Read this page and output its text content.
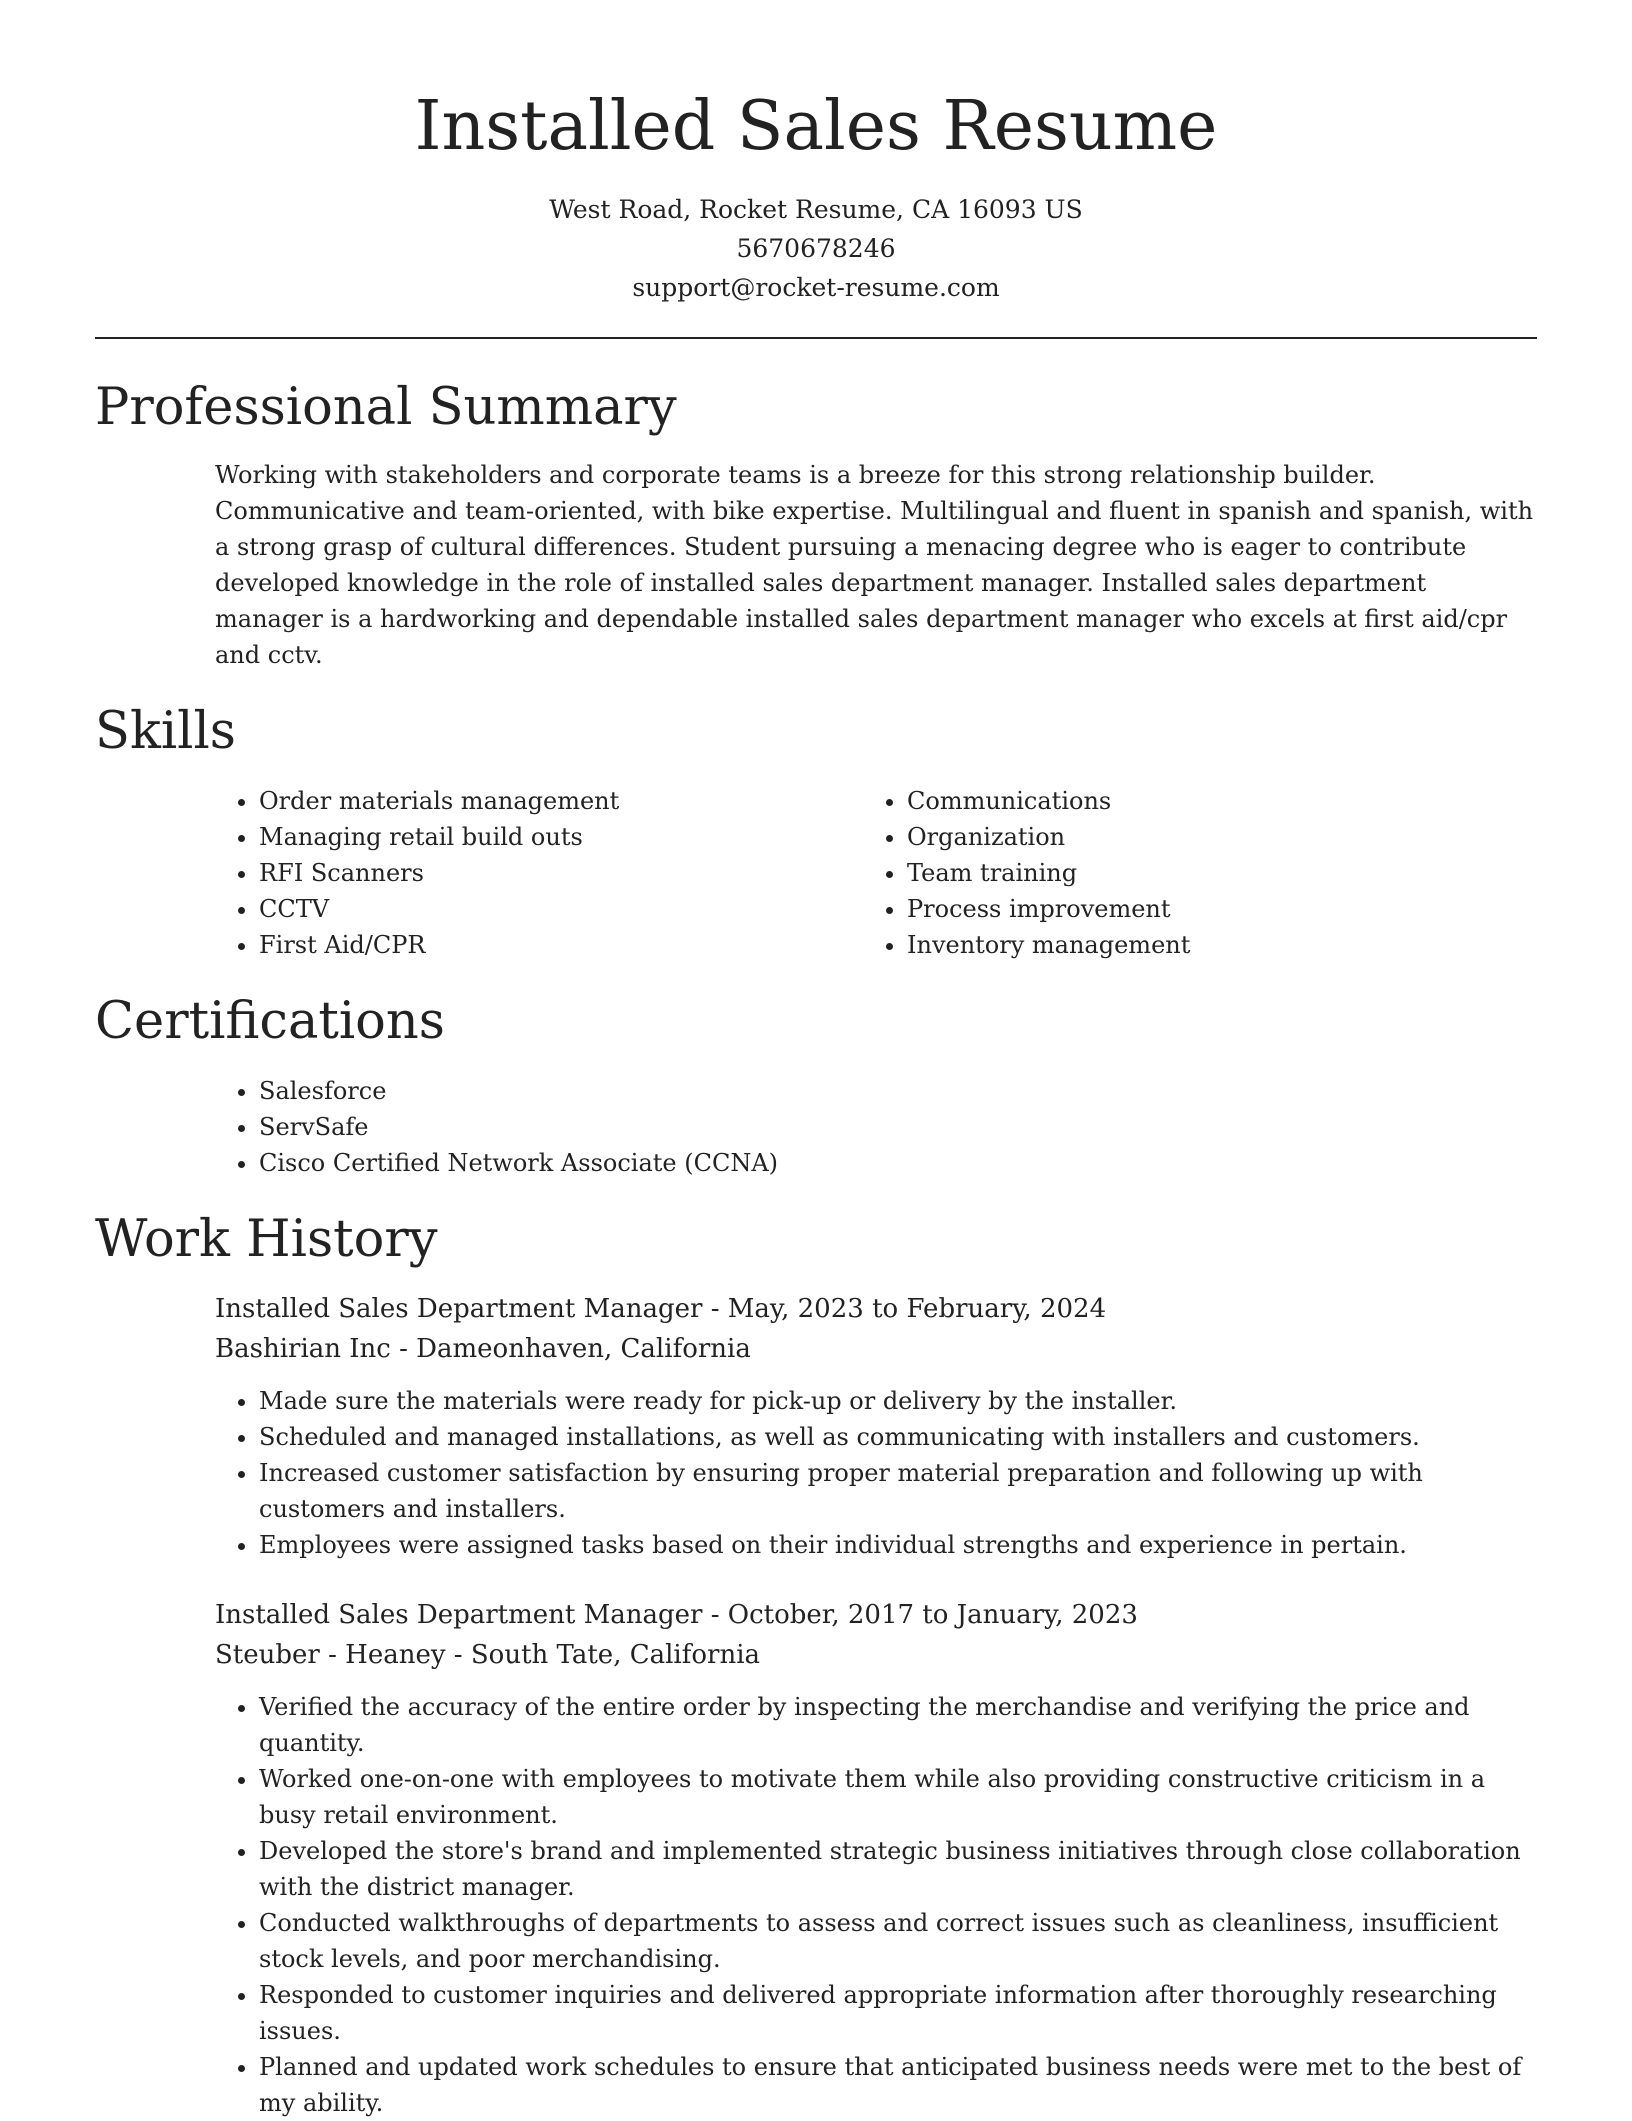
Installed Sales Resume
West Road, Rocket Resume, CA 16093 US
5670678246
support@rocket-resume.com
Professional Summary

Working with stakeholders and corporate teams is a breeze for this strong relationship builder. Communicative and team-oriented, with bike expertise. Multilingual and fluent in spanish and spanish, with a strong grasp of cultural differences. Student pursuing a menacing degree who is eager to contribute developed knowledge in the role of installed sales department manager. Installed sales department manager is a hardworking and dependable installed sales department manager who excels at first aid/cpr and cctv.

Skills
• Order materials management
• Managing retail build outs
• RFI Scanners
• CCTV
• First Aid/CPR
• Communications
• Organization
• Team training
• Process improvement
• Inventory management
Certifications
• Salesforce
• ServSafe
• Cisco Certified Network Associate (CCNA)
Work History
Installed Sales Department Manager - May, 2023 to February, 2024
Bashirian Inc - Dameonhaven, California
• Made sure the materials were ready for pick-up or delivery by the installer.
• Scheduled and managed installations, as well as communicating with installers and customers.
• Increased customer satisfaction by ensuring proper material preparation and following up with customers and installers.
• Employees were assigned tasks based on their individual strengths and experience in pertain.
Installed Sales Department Manager - October, 2017 to January, 2023
Steuber - Heaney - South Tate, California
• Verified the accuracy of the entire order by inspecting the merchandise and verifying the price and quantity.
• Worked one-on-one with employees to motivate them while also providing constructive criticism in a busy retail environment.
• Developed the store's brand and implemented strategic business initiatives through close collaboration with the district manager.
• Conducted walkthroughs of departments to assess and correct issues such as cleanliness, insufficient stock levels, and poor merchandising.
• Responded to customer inquiries and delivered appropriate information after thoroughly researching issues.
• Planned and updated work schedules to ensure that anticipated business needs were met to the best of my ability.
